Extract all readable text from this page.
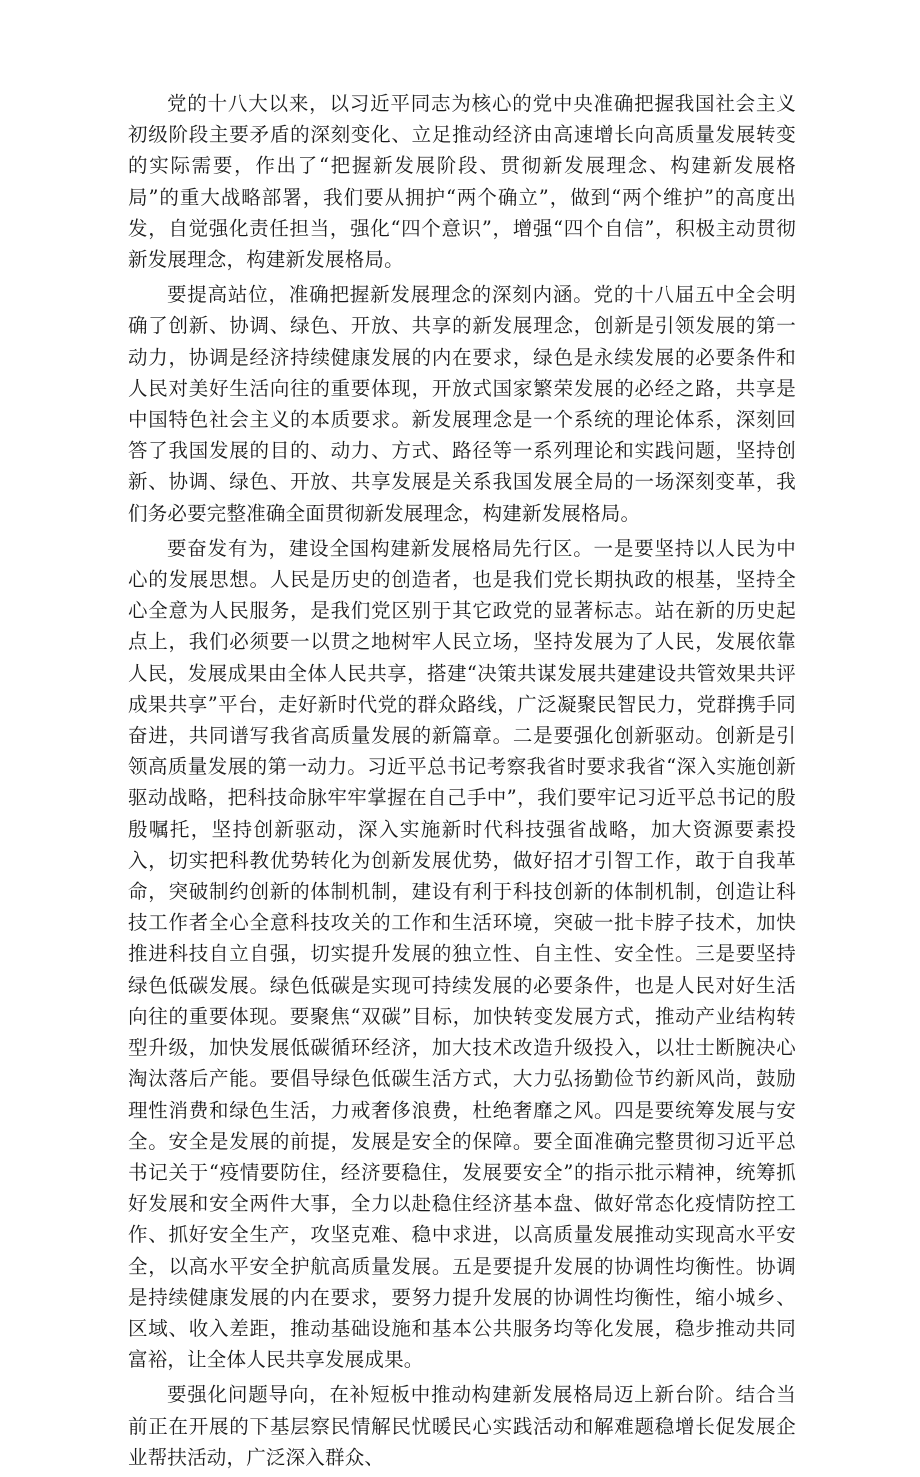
党的十八大以来，以习近平同志为核心的党中央准确把握我国社会主义初级阶段主要矛盾的深刻变化、立足推动经济由高速增长向高质量发展转变的实际需要，作出了“把握新发展阶段、贯彻新发展理念、构建新发展格局”的重大战略部署，我们要从拥护“两个确立”，做到“两个维护”的高度出发，自觉强化责任担当，强化“四个意识”，增强“四个自信”，积极主动贯彻新发展理念，构建新发展格局。

要提高站位，准确把握新发展理念的深刻内涵。党的十八届五中全会明确了创新、协调、绿色、开放、共享的新发展理念，创新是引领发展的第一动力，协调是经济持续健康发展的内在要求，绿色是永续发展的必要条件和人民对美好生活向往的重要体现，开放式国家繁荣发展的必经之路，共享是中国特色社会主义的本质要求。新发展理念是一个系统的理论体系，深刻回答了我国发展的目的、动力、方式、路径等一系列理论和实践问题，坚持创新、协调、绿色、开放、共享发展是关系我国发展全局的一场深刻变革，我们务必要完整准确全面贯彻新发展理念，构建新发展格局。

要奋发有为，建设全国构建新发展格局先行区。一是要坚持以人民为中心的发展思想。人民是历史的创造者，也是我们党长期执政的根基，坚持全心全意为人民服务，是我们党区别于其它政党的显著标志。站在新的历史起点上，我们必须要一以贯之地树牢人民立场，坚持发展为了人民，发展依靠人民，发展成果由全体人民共享，搭建“决策共谋发展共建建设共管效果共评成果共享”平台，走好新时代党的群众路线，广泛凝聚民智民力，党群携手同奋进，共同谱写我省高质量发展的新篇章。二是要强化创新驱动。创新是引领高质量发展的第一动力。习近平总书记考察我省时要求我省“深入实施创新驱动战略，把科技命脉牢牢掌握在自己手中”，我们要牢记习近平总书记的殷殷嘱托，坚持创新驱动，深入实施新时代科技强省战略，加大资源要素投入，切实把科教优势转化为创新发展优势，做好招才引智工作，敢于自我革命，突破制约创新的体制机制，建设有利于科技创新的体制机制，创造让科技工作者全心全意科技攻关的工作和生活环境，突破一批卡脖子技术，加快推进科技自立自强，切实提升发展的独立性、自主性、安全性。三是要坚持绿色低碳发展。绿色低碳是实现可持续发展的必要条件，也是人民对好生活向往的重要体现。要聚焦“双碳”目标，加快转变发展方式，推动产业结构转型升级，加快发展低碳循环经济，加大技术改造升级投入，以壮士断腕决心淘汰落后产能。要倡导绿色低碳生活方式，大力弘扬勤俭节约新风尚，鼓励理性消费和绿色生活，力戒奢侈浪费，杜绝奢靡之风。四是要统筹发展与安全。安全是发展的前提，发展是安全的保障。要全面准确完整贯彻习近平总书记关于“疫情要防住，经济要稳住，发展要安全”的指示批示精神，统筹抓好发展和安全两件大事，全力以赴稳住经济基本盘、做好常态化疫情防控工作、抓好安全生产，攻坚克难、稳中求进，以高质量发展推动实现高水平安全，以高水平安全护航高质量发展。五是要提升发展的协调性均衡性。协调是持续健康发展的内在要求，要努力提升发展的协调性均衡性，缩小城乡、区域、收入差距，推动基础设施和基本公共服务均等化发展，稳步推动共同富裕，让全体人民共享发展成果。

要强化问题导向，在补短板中推动构建新发展格局迈上新台阶。结合当前正在开展的下基层察民情解民忧暖民心实践活动和解难题稳增长促发展企业帮扶活动，广泛深入群众、
